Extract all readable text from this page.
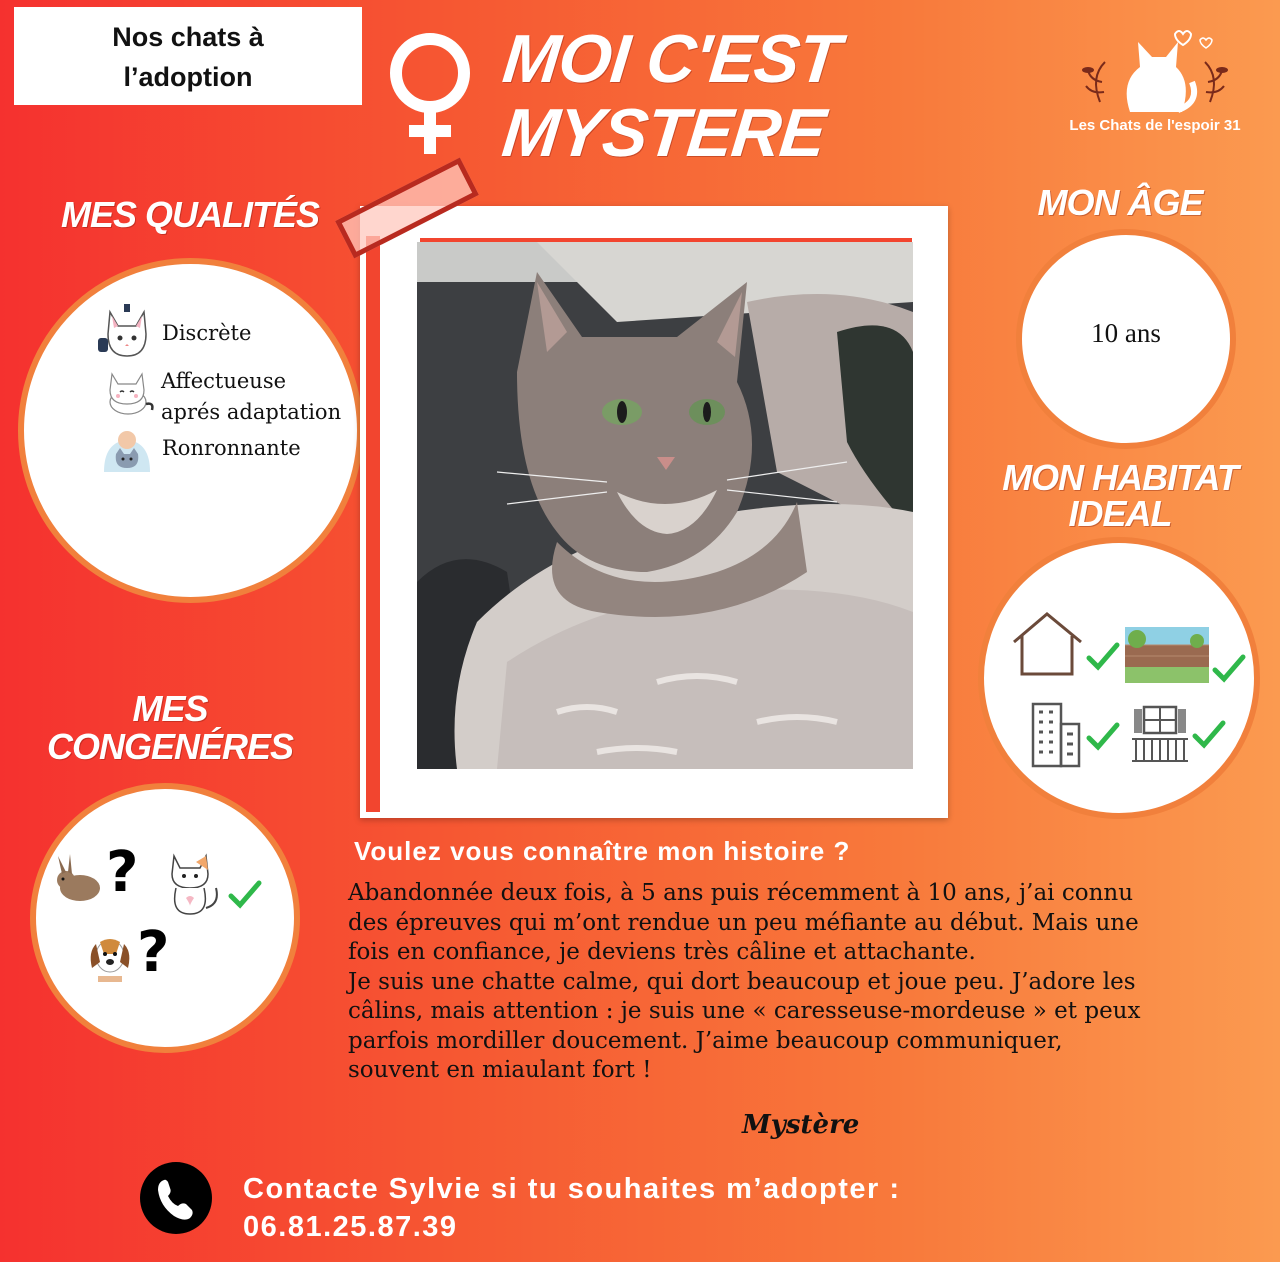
Nos chats à
l’adoption	MOI C'EST
MYSTERE	Les Chats de l'espoir 31
MES QUALITÉS
Discrète
Affectueuse
aprés adaptation
Ronronnante
MON ÂGE
10 ans
MON HABITAT
IDEAL
MES
CONGENÉRES
?
?
Voulez vous connaître mon histoire ?

Abandonnée deux fois, à 5 ans puis récemment à 10 ans, j’ai connu

des épreuves qui m’ont rendue un peu méfiante au début. Mais une

fois en confiance, je deviens très câline et attachante.

Je suis une chatte calme, qui dort beaucoup et joue peu. J’adore les

câlins, mais attention : je suis une « caresseuse-mordeuse » et peux

parfois mordiller doucement. J’aime beaucoup communiquer,

souvent en miaulant fort !

Mystère
Contacte Sylvie si tu souhaites m’adopter :
06.81.25.87.39
